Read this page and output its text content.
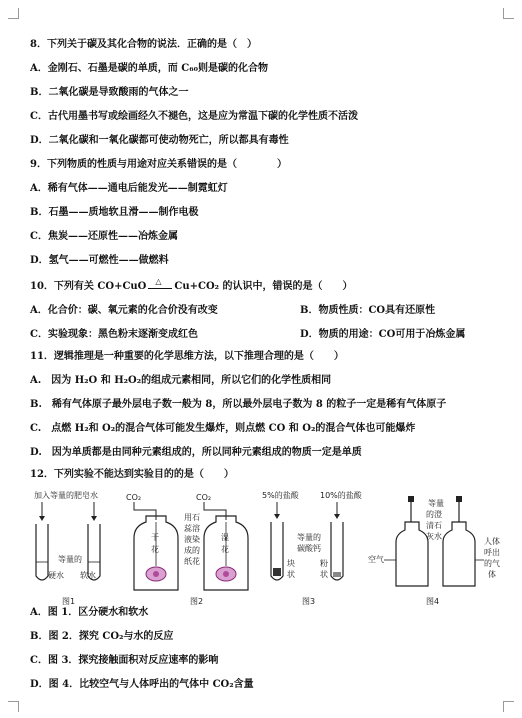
8．下列关于碳及其化合物的说法．正确的是（　）
A．金刚石、石墨是碳的单质，而 C₆₀则是碳的化合物
B．二氧化碳是导致酸雨的气体之一
C．古代用墨书写或绘画经久不褪色，这是应为常温下碳的化学性质不活泼
D．二氧化碳和一氧化碳都可使动物死亡，所以都具有毒性
9．下列物质的性质与用途对应关系错误的是（　　　　）
A．稀有气体——通电后能发光——制霓虹灯
B．石墨——质地软且滑——制作电极
C．焦炭——还原性——冶炼金属
D．氢气——可燃性——做燃料
10．下列有关 CO+CuO △ Cu+CO₂ 的认识中，错误的是（　　）
A．化合价：碳、氧元素的化合价没有改变	B．物质性质：CO具有还原性
C．实验现象：黑色粉末逐渐变成红色	D．物质的用途：CO可用于冶炼金属
11．逻辑推理是一种重要的化学思维方法，以下推理合理的是（　　）
A.　因为 H₂O 和 H₂O₂的组成元素相同，所以它们的化学性质相同
B.　稀有气体原子最外层电子数一般为 8，所以最外层电子数为 8 的粒子一定是稀有气体原子
C.　点燃 H₂和 O₂的混合气体可能发生爆炸，则点燃 CO 和 O₂的混合气体也可能爆炸
D.　因为单质都是由同种元素组成的，所以同种元素组成的物质一定是单质
12．下列实验不能达到实验目的的是（　　）
加入等量的肥皂水
等量的
硬水 软水
图1
CO₂	CO₂
干
花
湿
花
用石
蕊溶
液染
成的
纸花
图2
5%的盐酸	10%的盐酸
等量的
碳酸钙
块
状
粉
状
图3
等量
的澄
清石
灰水
空气
人体
呼出
的气
体
图4
A．图 1．区分硬水和软水
B．图 2．探究 CO₂与水的反应
C．图 3．探究接触面积对反应速率的影响
D．图 4．比较空气与人体呼出的气体中 CO₂含量
